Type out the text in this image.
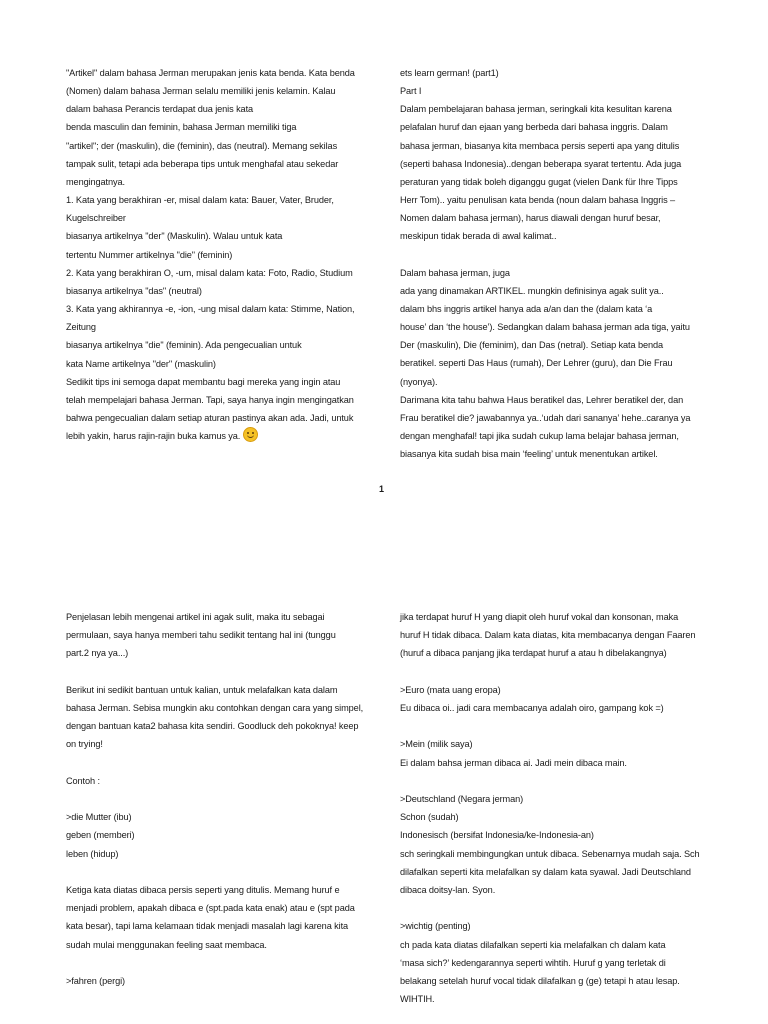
"Artikel" dalam bahasa Jerman merupakan jenis kata benda. Kata benda
(Nomen) dalam bahasa Jerman selalu memiliki jenis kelamin. Kalau
dalam bahasa Perancis terdapat dua jenis kata
benda masculin dan feminin, bahasa Jerman memiliki tiga
"artikel"; der (maskulin), die (feminin), das (neutral). Memang sekilas
tampak sulit, tetapi ada beberapa tips untuk menghafal atau sekedar
mengingatnya.
1. Kata yang berakhiran -er, misal dalam kata: Bauer, Vater, Bruder,
Kugelschreiber
biasanya artikelnya "der" (Maskulin). Walau untuk kata
tertentu Nummer artikelnya "die" (feminin)
2. Kata yang berakhiran O, -um, misal dalam kata: Foto, Radio, Studium
biasanya artikelnya "das" (neutral)
3. Kata yang akhirannya -e, -ion, -ung misal dalam kata: Stimme, Nation,
Zeitung
biasanya artikelnya "die" (feminin). Ada pengecualian untuk
kata Name artikelnya "der" (maskulin)
Sedikit tips ini semoga dapat membantu bagi mereka yang ingin atau
telah mempelajari bahasa Jerman. Tapi, saya hanya ingin mengingatkan
bahwa pengecualian dalam setiap aturan pastinya akan ada. Jadi, untuk
lebih yakin, harus rajin-rajin buka kamus ya.
ets learn german! (part1)
Part I
Dalam pembelajaran bahasa jerman, seringkali kita kesulitan karena
pelafalan huruf dan ejaan yang berbeda dari bahasa inggris. Dalam
bahasa jerman, biasanya kita membaca persis seperti apa yang ditulis
(seperti bahasa Indonesia)..dengan beberapa syarat tertentu. Ada juga
peraturan yang tidak boleh diganggu gugat (vielen Dank für Ihre Tipps
Herr Tom).. yaitu penulisan kata benda (noun dalam bahasa Inggris –
Nomen dalam bahasa jerman), harus diawali dengan huruf besar,
meskipun tidak berada di awal kalimat..
Dalam bahasa jerman, juga
ada yang dinamakan ARTIKEL. mungkin definisinya agak sulit ya..
dalam bhs inggris artikel hanya ada a/an dan the (dalam kata ‘a
house’ dan ‘the house’). Sedangkan dalam bahasa jerman ada tiga, yaitu
Der (maskulin), Die (feminim), dan Das (netral). Setiap kata benda
beratikel. seperti Das Haus (rumah), Der Lehrer (guru), dan Die Frau
(nyonya).
Darimana kita tahu bahwa Haus beratikel das, Lehrer beratikel der, dan
Frau beratikel die? jawabannya ya..‘udah dari sananya’ hehe..caranya ya
dengan menghafal! tapi jika sudah cukup lama belajar bahasa jerman,
biasanya kita sudah bisa main ‘feeling’ untuk menentukan artikel.
1
Penjelasan lebih mengenai artikel ini agak sulit, maka itu sebagai
permulaan, saya hanya memberi tahu sedikit tentang hal ini (tunggu
part.2 nya ya...)
Berikut ini sedikit bantuan untuk kalian, untuk melafalkan kata dalam
bahasa Jerman. Sebisa mungkin aku contohkan dengan cara yang simpel,
dengan bantuan kata2 bahasa kita sendiri. Goodluck deh pokoknya! keep
on trying!
Contoh :
>die Mutter (ibu)
geben (memberi)
leben (hidup)
Ketiga kata diatas dibaca persis seperti yang ditulis. Memang huruf e
menjadi problem, apakah dibaca e (spt.pada kata enak) atau e (spt pada
kata besar), tapi lama kelamaan tidak menjadi masalah lagi karena kita
sudah mulai menggunakan feeling saat membaca.
>fahren (pergi)
jika terdapat huruf H yang diapit oleh huruf vokal dan konsonan, maka
huruf H tidak dibaca. Dalam kata diatas, kita membacanya dengan Faaren
(huruf a dibaca panjang jika terdapat huruf a atau h dibelakangnya)
>Euro (mata uang eropa)
Eu dibaca oi.. jadi cara membacanya adalah oiro, gampang kok =)
>Mein (milik saya)
Ei dalam bahsa jerman dibaca ai. Jadi mein dibaca main.
>Deutschland (Negara jerman)
Schon (sudah)
Indonesisch (bersifat Indonesia/ke-Indonesia-an)
sch seringkali membingungkan untuk dibaca. Sebenarnya mudah saja. Sch
dilafalkan seperti kita melafalkan sy dalam kata syawal. Jadi Deutschland
dibaca doitsy-lan. Syon.
>wichtig (penting)
ch pada kata diatas dilafalkan seperti kia melafalkan ch dalam kata
‘masa sich?’ kedengarannya seperti wihtih. Huruf g yang terletak di
belakang setelah huruf vocal tidak dilafalkan g (ge) tetapi h atau lesap.
WIHTIH.
